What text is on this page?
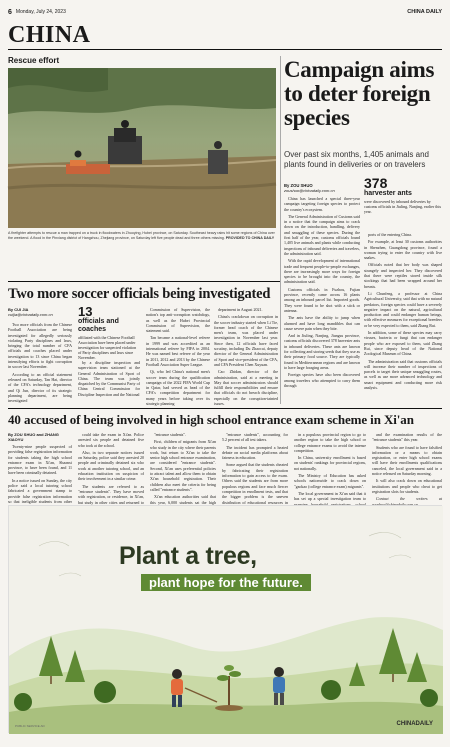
6 Monday, July 24, 2023	CHINA DAILY
CHINA
Rescue effort
A firefighter attempts to rescue a man trapped on a truck in floodwaters in Zhuoying, Hubei province, on Saturday. Southeast heavy rains hit some regions of China over the weekend. A flood in the Pinxiang district of Hangzhou, Zhejiang province, on Saturday left five people dead and three others missing. PROVIDED TO CHINA DAILY
Campaign aims to deter foreign species
Over past six months, 1,405 animals and plants found in deliveries or on travelers
By ZOU SHUO
zoushuo@chinadaily.com.cn	378
harvester ants
were discovered by inbound deliveries by customs officials in Jiuling, Nanjing, earlier this year.

China has launched a special three-year campaign targeting foreign species to protect the country's ecosystem.

The General Administration of Customs said in a notice that the campaign aims to crack down on the introduction, handling, delivery and smuggling of these species. During the first half of the year, customs officials found 1,405 live animals and plants while conducting inspections of inbound deliveries and travelers, the administration said.

With the rapid development of international trade and frequent people-to-people exchanges, there are increasingly more ways for foreign species to be brought into the country, the administration said.

Customs officials in Fuzhou, Fujian province, recently came across 16 plants among an inbound parcel list. Imported goods. They were found to be shot with a stick or antenna.

The ants have the ability to jump when alarmed and have long mandibles that can cause severe pain when they bite.

And in Jiuling, Nanjing, Jiangsu province, customs officials discovered 378 harvester ants in inbound deliveries. These ants are known for collecting and storing seeds that they use as their primary food source. They are typically found in Mediterranean regions and are known to have large foraging areas.

Foreign species have also been discovered among travelers who attempted to carry them through

ports of the entering China.

For example, at least 30 customs authorities in Shenzhen, Guangdong province, found a woman trying to enter the country with live snakes.

Officials noted that her body was shaped strangely and inspected her. They discovered that there were reptiles stored inside silk stockings that had been wrapped around her breasts.

Li Chunfeng, a professor at China Agricultural University, said that with no natural predators, foreign species could have a severely negative impact on the natural, agricultural production and could endanger human beings, with effective measures for exceptional breeders or be very expected to them, said Zhang Rui.

In addition, some of these species may carry viruses, bacteria or fungi that can endanger people who are exposed to them, said Zhang Rui, since deputy head of the National Zoological Museum of China.

The administration said that customs officials will increase their number of inspections of parcels to target their unique smuggling routes, as well as use more advanced technology and smart equipment and conducting more risk analysis.

Two more soccer officials being investigated
By CUI JIA
cuijia@chinadaily.com.cn	13
officials and coaches
affiliated with the Chinese Football Association have been placed under investigation for suspected violation of Party disciplines and laws since November.

Two more officials from the Chinese Football Association are being investigated for allegedly seriously violating Party disciplines and laws, bringing the total number of CFA officials and coaches placed under investigation to 13 since China began intensifying efforts to fight corruption in soccer last November.

According to an official statement released on Saturday, Tan Hai, director of the CFA's technology department, and Qi Jun, director of its strategic planning department, are being investigated

by a discipline inspection and supervision team stationed at the General Administration of Sport of China. The team was jointly dispatched by the Communist Party of China Central Commission for Discipline Inspection and the National

Commission of Supervision, the nation's top anti-corruption watchdogs, as well as the Hubei Provincial Commission of Supervision, the statement said.

Tan became a national-level referee in 1999 and was accredited as an international referee by FIFA in 2004. He was named best referee of the year in 2011, 2012 and 2013 by the Chinese Football Association Super League.

Qi, who led China's national men's soccer team during the qualification campaign of the 2022 FIFA World Cup in Qatar, had served as head of the CFA's competition department for many years before taking over its strategic planning

department in August 2021.

China's crackdown on corruption in the soccer industry started when Li Tie, former head coach of the Chinese men's team, was placed under investigation in November last year. Since then, 12 officials have faced scrutiny, including Du Zhaocai, deputy director of the General Administration of Sport and vice-president of the CFA, and CFA President Chen Xuyuan.

Cao Zhidan, director of the administration, said at a meeting in May that soccer administrators should fulfill their responsibilities and ensure that officials do not breach discipline, especially on the corruption-tainted issues.

40 accused of being involved in high school entrance exam scheme in Xi'an
By ZOU SHUO and ZHANG XIAOYU

Twenty-nine people suspected of providing false registration information for students taking the high school entrance exam in Xi'an, Shaanxi province, to have been found, and 11 have been criminally detained.

In a notice issued on Sunday, the city police said a local tutoring school fabricated a government stamp to provide false registration information so that ineligible students from other

could take the exam in Xi'an. Police arrested six people and detained five who took at the school.

Also, in two separate notices issued on Saturday, police said they arrested 20 people and criminally detained six who work at another tutoring school, and an education institution on suspicion of their involvement in a similar crime.

The students are referred to as "entrance students". They have moved with registration, or residence, in Xi'an, but study in other cities and returned to

"entrance students".

First, children of migrants from Xi'an who study in the city where their parents work, but return to Xi'an to take the senior high school entrance examination, are considered "entrance students". Second, Xi'an uses preferential policies to attract talent and allow them to obtain Xi'an household registration. Their children also meet the criteria for being called "entrance students".

Xi'an education authorities said that this year, 6,000 students sat the high

"entrance students", accounting for 5.2 percent of all test takers.

The incident has prompted a heated debate on social media platforms about fairness in education.

Some argued that the students cheated by fabricating their registration information to gain access to the exam. Others said the students are from more populous regions and face much fiercer competition in enrollment tests, and that the bigger problem is the uneven distribution of educational resources in

in a populous provincial region to go to another region to take the high school or college entrance exams to avoid the intense competition.

In China, university enrollment is based on students' rankings for provincial regions, not nationally.

The Ministry of Education has asked schools nationwide to crack down on "gaokao (college entrance exam) migrants".

The local government in Xi'an said that it has set up a special investigation team to

and the examination results of the "entrance students" this year.

Students who are found to have falsified information or a means to obtain registration, or enter high school exams will have their enrollments qualifications canceled, the local government said in a notice released on Saturday morning.

It will also crack down on educational institutions and people who cheat to get registration slots for students.

Contact the writers at

Plant a tree,
plant hope for the future.
PUBLIC SERVICE AD	CHINADAILY
